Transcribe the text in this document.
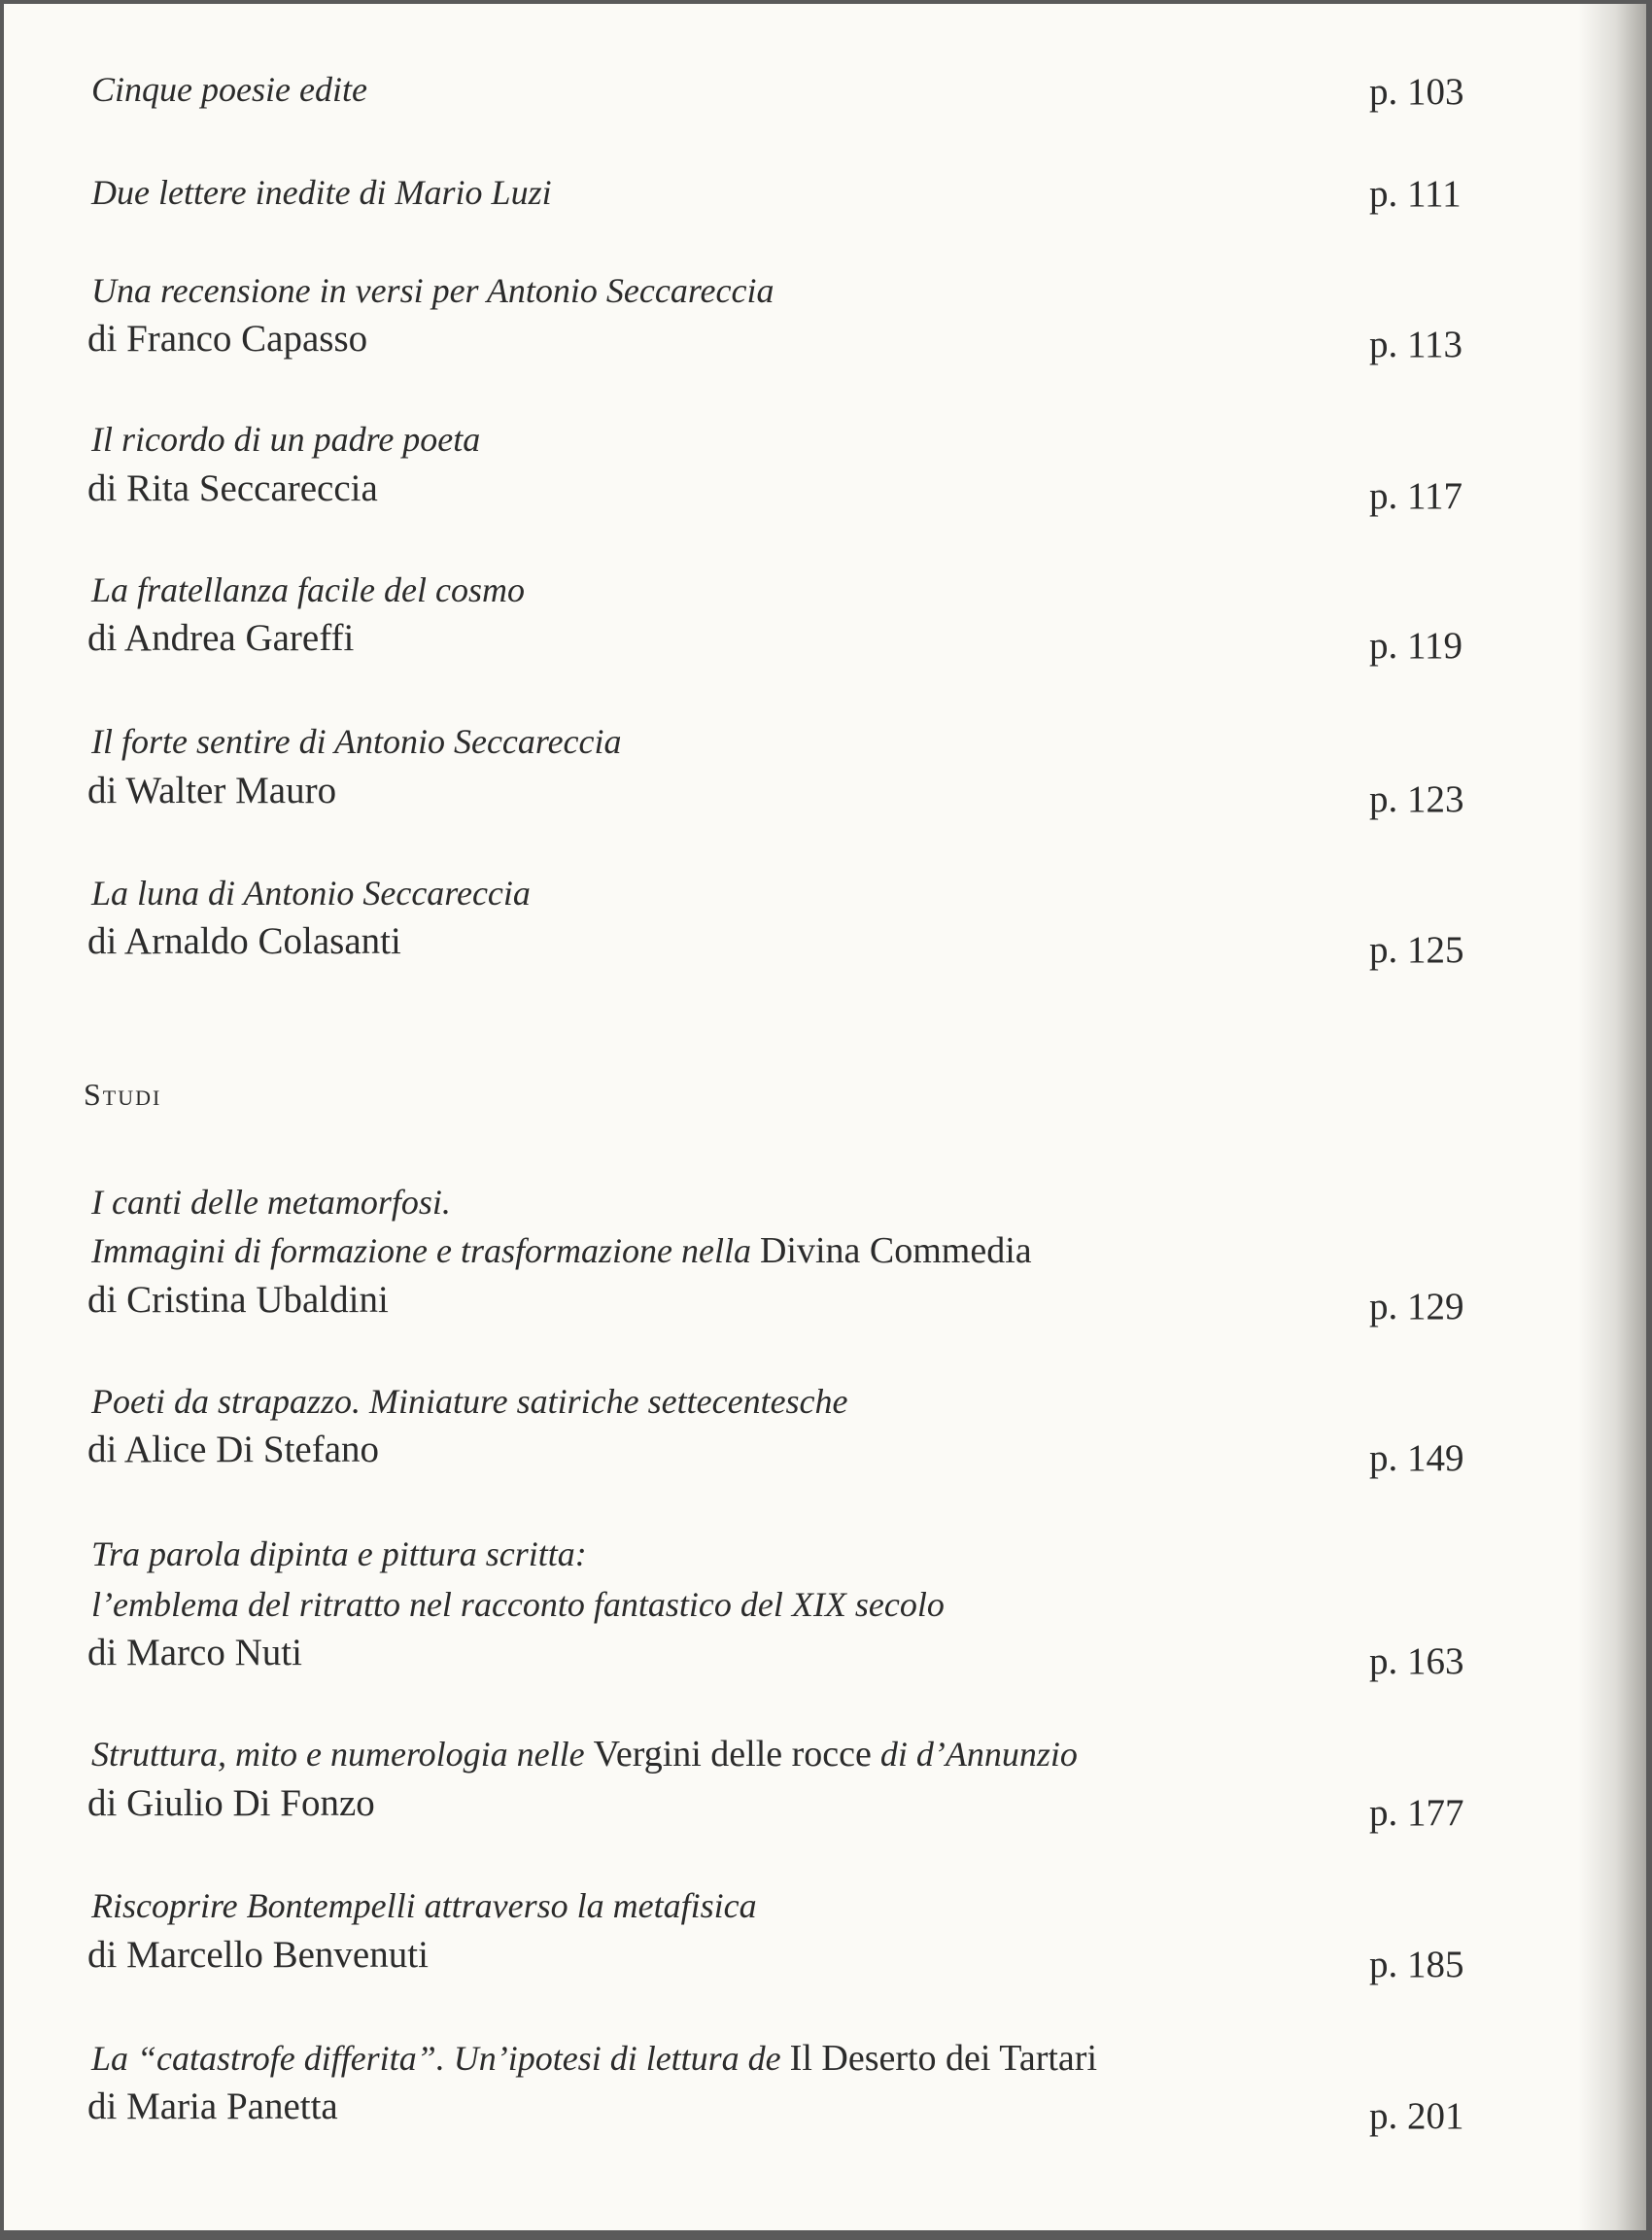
Cinque poesie edite	p. 103
Due lettere inedite di Mario Luzi	p. 111
Una recensione in versi per Antonio Seccareccia
di Franco Capasso	p. 113
Il ricordo di un padre poeta
di Rita Seccareccia	p. 117
La fratellanza facile del cosmo
di Andrea Gareffi	p. 119
Il forte sentire di Antonio Seccareccia
di Walter Mauro	p. 123
La luna di Antonio Seccareccia
di Arnaldo Colasanti	p. 125
Studi
I canti delle metamorfosi.
Immagini di formazione e trasformazione nella Divina Commedia
di Cristina Ubaldini	p. 129
Poeti da strapazzo. Miniature satiriche settecentesche
di Alice Di Stefano	p. 149
Tra parola dipinta e pittura scritta:
l’emblema del ritratto nel racconto fantastico del XIX secolo
di Marco Nuti	p. 163
Struttura, mito e numerologia nelle Vergini delle rocce di d’Annunzio
di Giulio Di Fonzo	p. 177
Riscoprire Bontempelli attraverso la metafisica
di Marcello Benvenuti	p. 185
La “catastrofe differita”. Un’ipotesi di lettura de Il Deserto dei Tartari
di Maria Panetta	p. 201
